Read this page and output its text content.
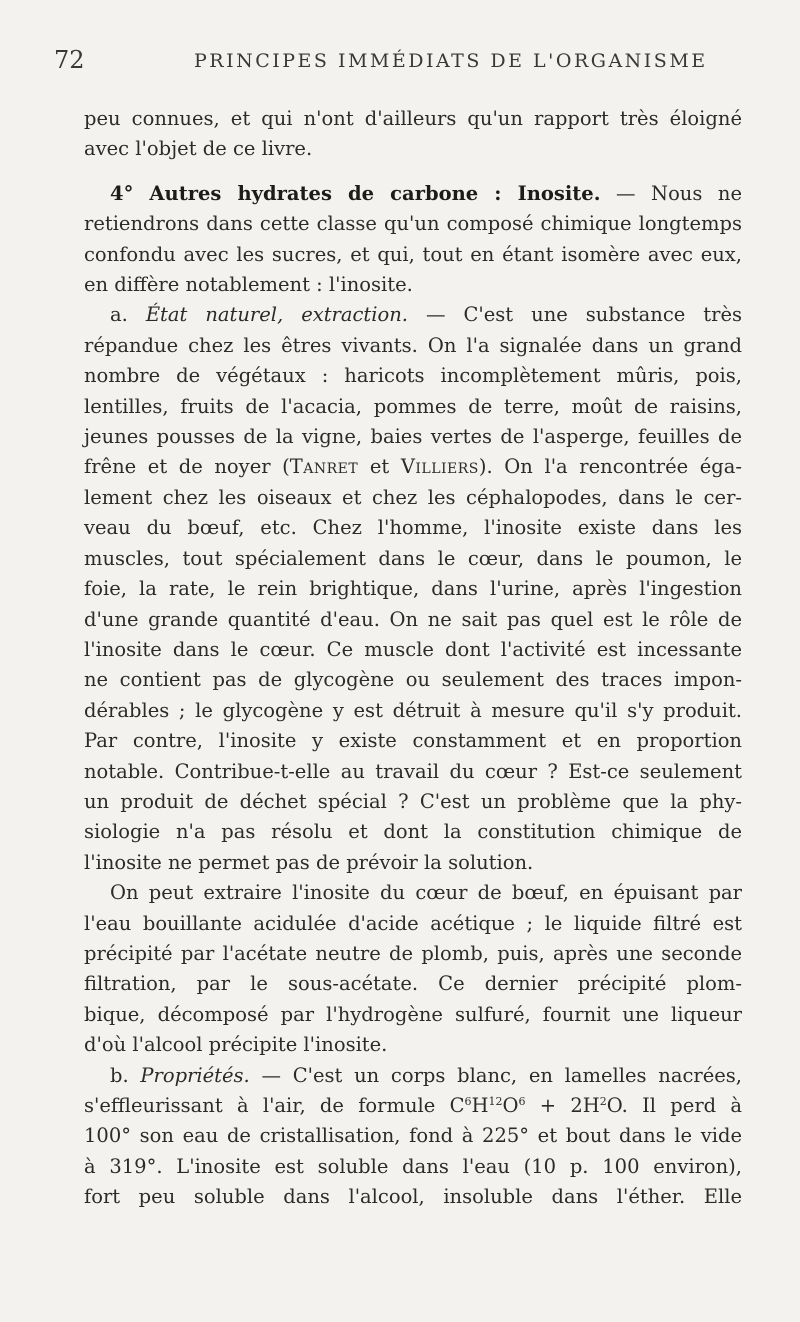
72	PRINCIPES IMMÉDIATS DE L'ORGANISME

peu connues, et qui n'ont d'ailleurs qu'un rapport très éloigné
avec l'objet de ce livre.

4° Autres hydrates de carbone : Inosite. — Nous ne
retiendrons dans cette classe qu'un composé chimique longtemps
confondu avec les sucres, et qui, tout en étant isomère avec eux,
en diffère notablement : l'inosite.

a. État naturel, extraction. — C'est une substance très
répandue chez les êtres vivants. On l'a signalée dans un grand
nombre de végétaux : haricots incomplètement mûris, pois,
lentilles, fruits de l'acacia, pommes de terre, moût de raisins,
jeunes pousses de la vigne, baies vertes de l'asperge, feuilles de
frêne et de noyer (Tanret et Villiers). On l'a rencontrée éga-
lement chez les oiseaux et chez les céphalopodes, dans le cer-
veau du bœuf, etc. Chez l'homme, l'inosite existe dans les
muscles, tout spécialement dans le cœur, dans le poumon, le
foie, la rate, le rein brightique, dans l'urine, après l'ingestion
d'une grande quantité d'eau. On ne sait pas quel est le rôle de
l'inosite dans le cœur. Ce muscle dont l'activité est incessante
ne contient pas de glycogène ou seulement des traces impon-
dérables ; le glycogène y est détruit à mesure qu'il s'y produit.
Par contre, l'inosite y existe constamment et en proportion
notable. Contribue-t-elle au travail du cœur ? Est-ce seulement
un produit de déchet spécial ? C'est un problème que la phy-
siologie n'a pas résolu et dont la constitution chimique de
l'inosite ne permet pas de prévoir la solution.

On peut extraire l'inosite du cœur de bœuf, en épuisant par
l'eau bouillante acidulée d'acide acétique ; le liquide filtré est
précipité par l'acétate neutre de plomb, puis, après une seconde
filtration, par le sous-acétate. Ce dernier précipité plom-
bique, décomposé par l'hydrogène sulfuré, fournit une liqueur
d'où l'alcool précipite l'inosite.

b. Propriétés. — C'est un corps blanc, en lamelles nacrées,
s'effleurissant à l'air, de formule $C^6H^{12}O^6 + 2H^2O$. Il perd à
100° son eau de cristallisation, fond à 225° et bout dans le vide
à 319°. L'inosite est soluble dans l'eau (10 p. 100 environ),
fort peu soluble dans l'alcool, insoluble dans l'éther. Elle
